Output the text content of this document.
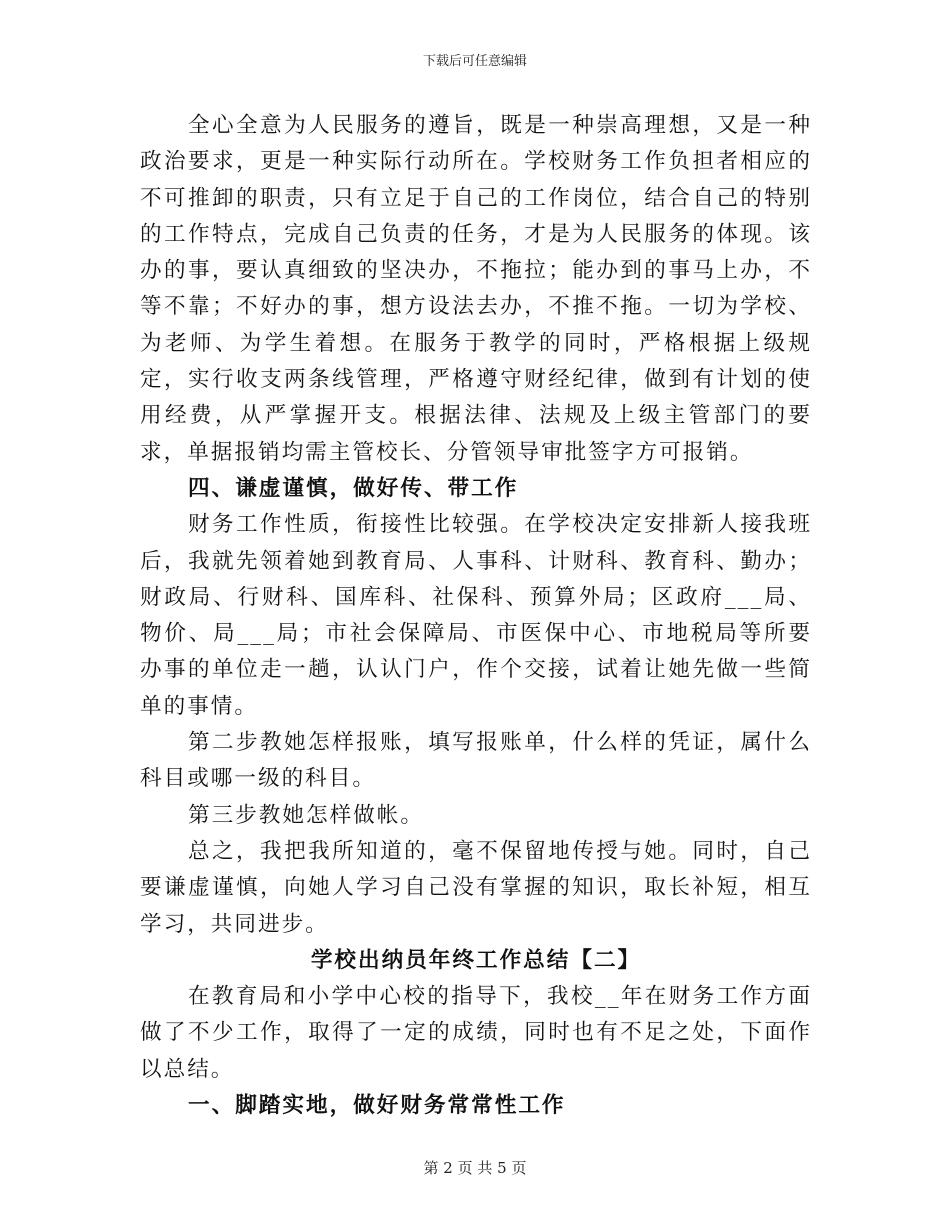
下载后可任意编辑

全心全意为人民服务的遵旨，既是一种崇高理想，又是一种政治要求，更是一种实际行动所在。学校财务工作负担者相应的不可推卸的职责，只有立足于自己的工作岗位，结合自己的特别的工作特点，完成自己负责的任务，才是为人民服务的体现。该办的事，要认真细致的坚决办，不拖拉；能办到的事马上办，不等不靠；不好办的事，想方设法去办，不推不拖。一切为学校、为老师、为学生着想。在服务于教学的同时，严格根据上级规定，实行收支两条线管理，严格遵守财经纪律，做到有计划的使用经费，从严掌握开支。根据法律、法规及上级主管部门的要求，单据报销均需主管校长、分管领导审批签字方可报销。

四、谦虚谨慎，做好传、带工作

财务工作性质，衔接性比较强。在学校决定安排新人接我班后，我就先领着她到教育局、人事科、计财科、教育科、勤办；财政局、行财科、国库科、社保科、预算外局；区政府___局、物价、局___局；市社会保障局、市医保中心、市地税局等所要办事的单位走一趟，认认门户，作个交接，试着让她先做一些简单的事情。

第二步教她怎样报账，填写报账单，什么样的凭证，属什么科目或哪一级的科目。

第三步教她怎样做帐。

总之，我把我所知道的，毫不保留地传授与她。同时，自己要谦虚谨慎，向她人学习自己没有掌握的知识，取长补短，相互学习，共同进步。

学校出纳员年终工作总结【二】

在教育局和小学中心校的指导下，我校__年在财务工作方面做了不少工作，取得了一定的成绩，同时也有不足之处，下面作以总结。

一、脚踏实地，做好财务常常性工作

第 2 页 共 5 页
